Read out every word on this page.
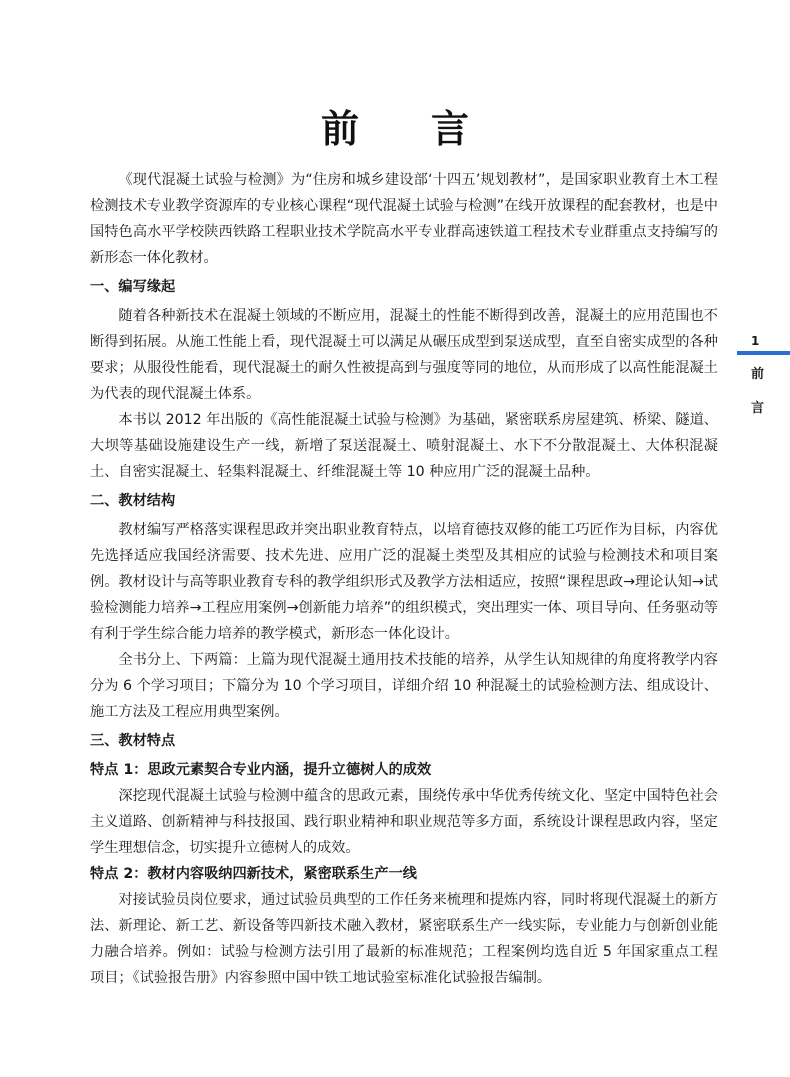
前言

《现代混凝土试验与检测》为“住房和城乡建设部‘十四五’规划教材”，是国家职业教育土木工程检测技术专业教学资源库的专业核心课程“现代混凝土试验与检测”在线开放课程的配套教材，也是中国特色高水平学校陕西铁路工程职业技术学院高水平专业群高速铁道工程技术专业群重点支持编写的新形态一体化教材。

一、编写缘起

随着各种新技术在混凝土领域的不断应用，混凝土的性能不断得到改善，混凝土的应用范围也不断得到拓展。从施工性能上看，现代混凝土可以满足从碾压成型到泵送成型，直至自密实成型的各种要求；从服役性能看，现代混凝土的耐久性被提高到与强度等同的地位，从而形成了以高性能混凝土为代表的现代混凝土体系。

本书以 2012 年出版的《高性能混凝土试验与检测》为基础，紧密联系房屋建筑、桥梁、隧道、大坝等基础设施建设生产一线，新增了泵送混凝土、喷射混凝土、水下不分散混凝土、大体积混凝土、自密实混凝土、轻集料混凝土、纤维混凝土等 10 种应用广泛的混凝土品种。

二、教材结构

教材编写严格落实课程思政并突出职业教育特点，以培育德技双修的能工巧匠作为目标，内容优先选择适应我国经济需要、技术先进、应用广泛的混凝土类型及其相应的试验与检测技术和项目案例。教材设计与高等职业教育专科的教学组织形式及教学方法相适应，按照“课程思政→理论认知→试验检测能力培养→工程应用案例→创新能力培养”的组织模式，突出理实一体、项目导向、任务驱动等有利于学生综合能力培养的教学模式，新形态一体化设计。

全书分上、下两篇：上篇为现代混凝土通用技术技能的培养，从学生认知规律的角度将教学内容分为 6 个学习项目；下篇分为 10 个学习项目，详细介绍 10 种混凝土的试验检测方法、组成设计、施工方法及工程应用典型案例。

三、教材特点

特点 1：思政元素契合专业内涵，提升立德树人的成效

深挖现代混凝土试验与检测中蕴含的思政元素，围绕传承中华优秀传统文化、坚定中国特色社会主义道路、创新精神与科技报国、践行职业精神和职业规范等多方面，系统设计课程思政内容，坚定学生理想信念，切实提升立德树人的成效。

特点 2：教材内容吸纳四新技术，紧密联系生产一线

对接试验员岗位要求，通过试验员典型的工作任务来梳理和提炼内容，同时将现代混凝土的新方法、新理论、新工艺、新设备等四新技术融入教材，紧密联系生产一线实际，专业能力与创新创业能力融合培养。例如：试验与检测方法引用了最新的标准规范；工程案例均选自近 5 年国家重点工程项目；《试验报告册》内容参照中国中铁工地试验室标准化试验报告编制。

1
前
言
